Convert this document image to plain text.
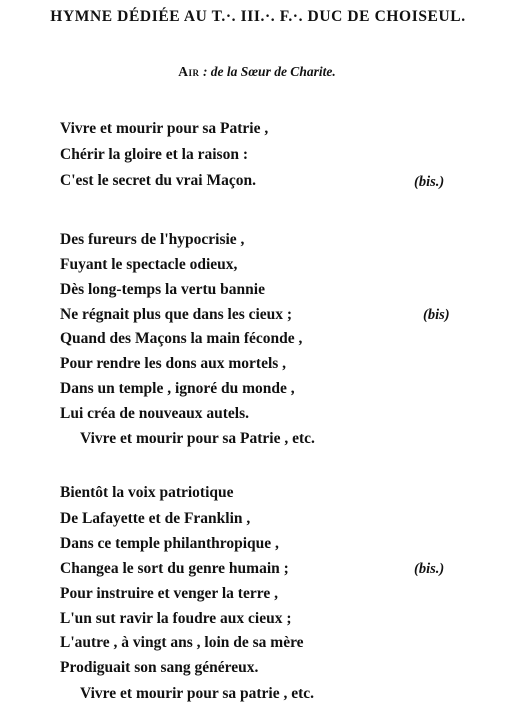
HYMNE DÉDIÉE AU T.·. III.·. F.·. DUC DE CHOISEUL.
Air : de la Sœur de Charite.
Vivre et mourir pour sa Patrie ,
Chérir la gloire et la raison :
C'est le secret du vrai Maçon.	(bis.)
Des fureurs de l'hypocrisie ,
Fuyant le spectacle odieux,
Dès long-temps la vertu bannie
Ne régnait plus que dans les cieux ;	(bis)
Quand des Maçons la main féconde ,
Pour rendre les dons aux mortels ,
Dans un temple , ignoré du monde ,
Lui créa de nouveaux autels.
Vivre et mourir pour sa Patrie , etc.
Bientôt la voix patriotique
De Lafayette et de Franklin ,
Dans ce temple philanthropique ,
Changea le sort du genre humain ;	(bis.)
Pour instruire et venger la terre ,
L'un sut ravir la foudre aux cieux ;
L'autre , à vingt ans , loin de sa mère
Prodiguait son sang généreux.
Vivre et mourir pour sa patrie , etc.
